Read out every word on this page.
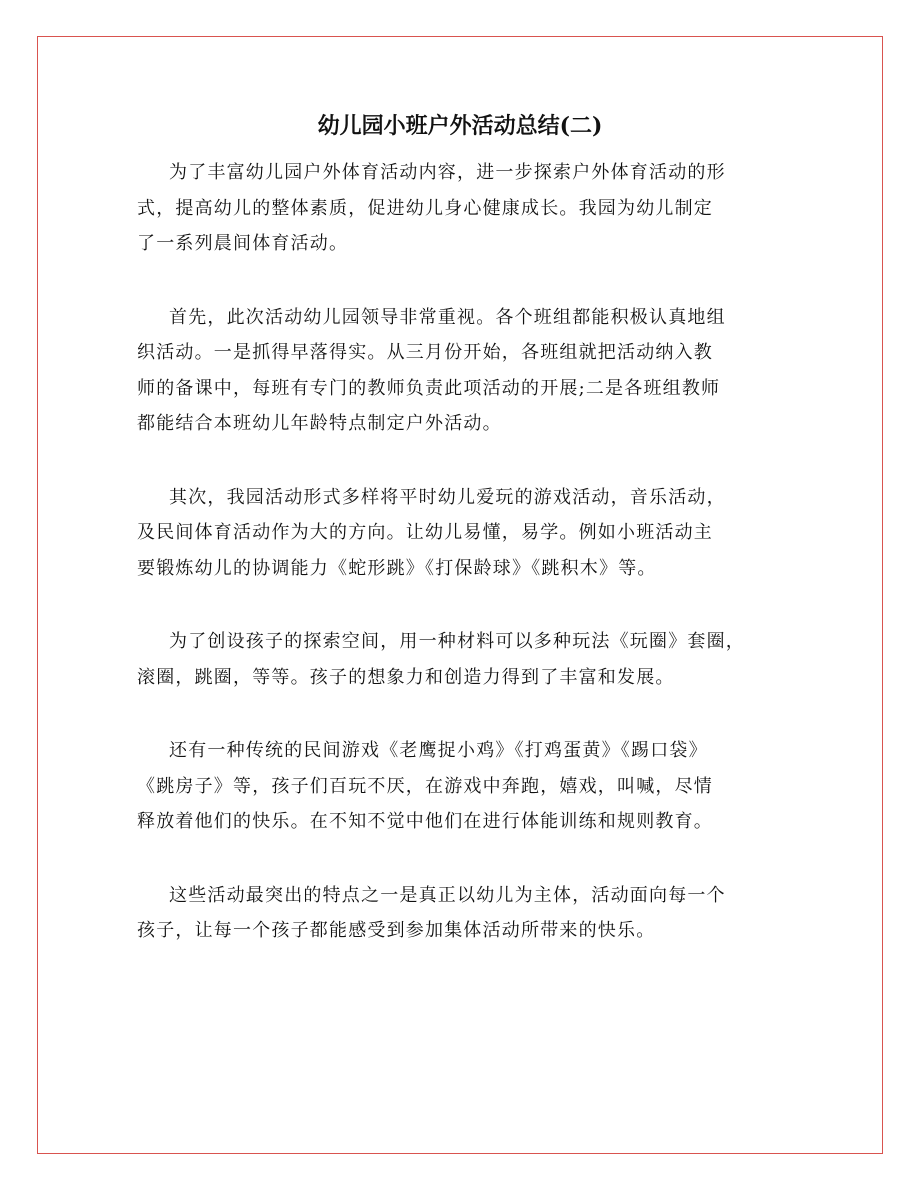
幼儿园小班户外活动总结(二)

为了丰富幼儿园户外体育活动内容，进一步探索户外体育活动的形
式，提高幼儿的整体素质，促进幼儿身心健康成长。我园为幼儿制定
了一系列晨间体育活动。

首先，此次活动幼儿园领导非常重视。各个班组都能积极认真地组
织活动。一是抓得早落得实。从三月份开始，各班组就把活动纳入教
师的备课中，每班有专门的教师负责此项活动的开展;二是各班组教师
都能结合本班幼儿年龄特点制定户外活动。

其次，我园活动形式多样将平时幼儿爱玩的游戏活动，音乐活动，
及民间体育活动作为大的方向。让幼儿易懂，易学。例如小班活动主
要锻炼幼儿的协调能力《蛇形跳》《打保龄球》《跳积木》等。

为了创设孩子的探索空间，用一种材料可以多种玩法《玩圈》套圈，
滚圈，跳圈，等等。孩子的想象力和创造力得到了丰富和发展。

还有一种传统的民间游戏《老鹰捉小鸡》《打鸡蛋黄》《踢口袋》
《跳房子》等，孩子们百玩不厌，在游戏中奔跑，嬉戏，叫喊，尽情
释放着他们的快乐。在不知不觉中他们在进行体能训练和规则教育。

这些活动最突出的特点之一是真正以幼儿为主体，活动面向每一个
孩子，让每一个孩子都能感受到参加集体活动所带来的快乐。
